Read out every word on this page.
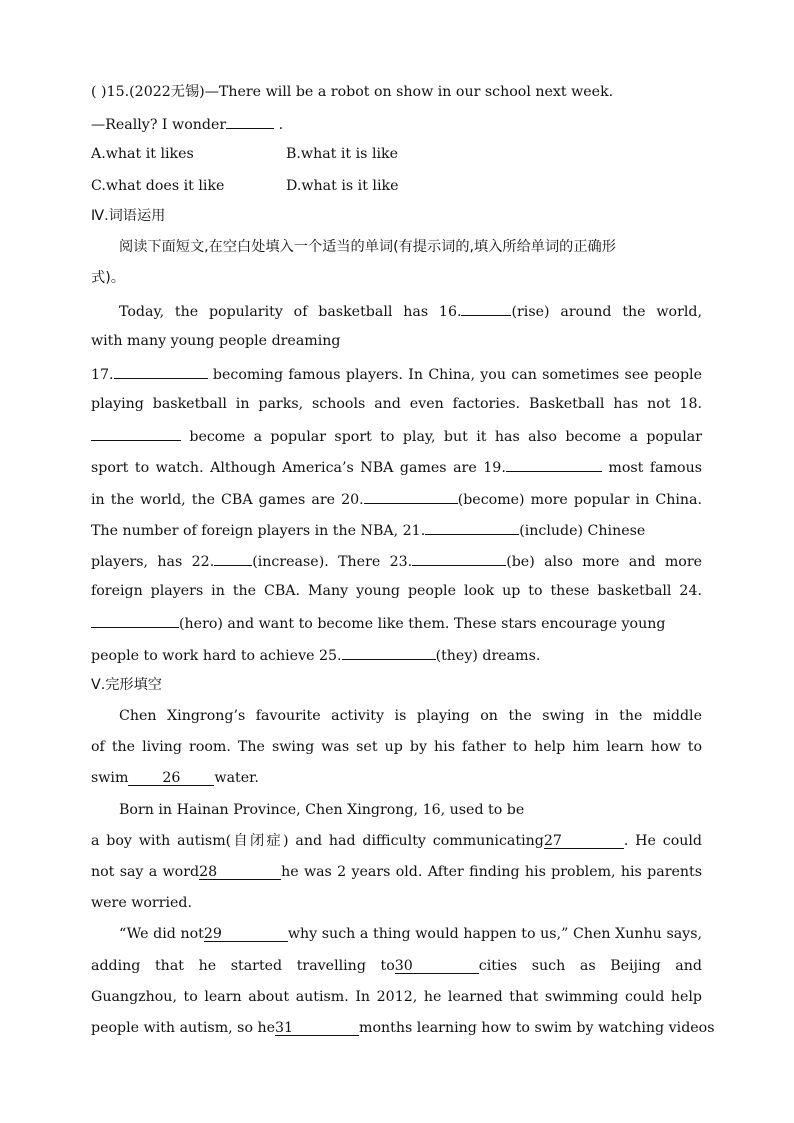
( )15.(2022无锡)—There will be a robot on show in our school next week.
—Really? I wonder	.
A.what it likes	B.what it is like
C.what does it like	D.what is it like
Ⅳ.词语运用
阅读下面短文,在空白处填入一个适当的单词(有提示词的,填入所给单词的正确形
式)。
Today, the popularity of basketball has 16.	(rise) around the world,
with many young people dreaming
17.	becoming famous players. In China, you can sometimes see people
playing basketball in parks, schools and even factories. Basketball has not 18.
become a popular sport to play, but it has also become a popular
sport to watch. Although America’s NBA games are 19.	most famous
in the world, the CBA games are 20.	(become) more popular in China.
The number of foreign players in the NBA, 21.	(include) Chinese
players, has 22.	(increase). There 23.	(be) also more and more
foreign players in the CBA. Many young people look up to these basketball 24.
(hero) and want to become like them. These stars encourage young
people to work hard to achieve 25.	(they) dreams.
Ⅴ.完形填空
Chen Xingrong’s favourite activity is playing on the swing in the middle
of the living room. The swing was set up by his father to help him learn how to
swim 26 water.
Born in Hainan Province, Chen Xingrong, 16, used to be
a boy with autism(自闭症) and had difficulty communicating27	. He could
not say a word28	he was 2 years old. After finding his problem, his parents
were worried.
“We did not29	why such a thing would happen to us,” Chen Xunhu says,
adding that he started travelling to30	cities such as Beijing and
Guangzhou, to learn about autism. In 2012, he learned that swimming could help
people with autism, so he31	months learning how to swim by watching videos
